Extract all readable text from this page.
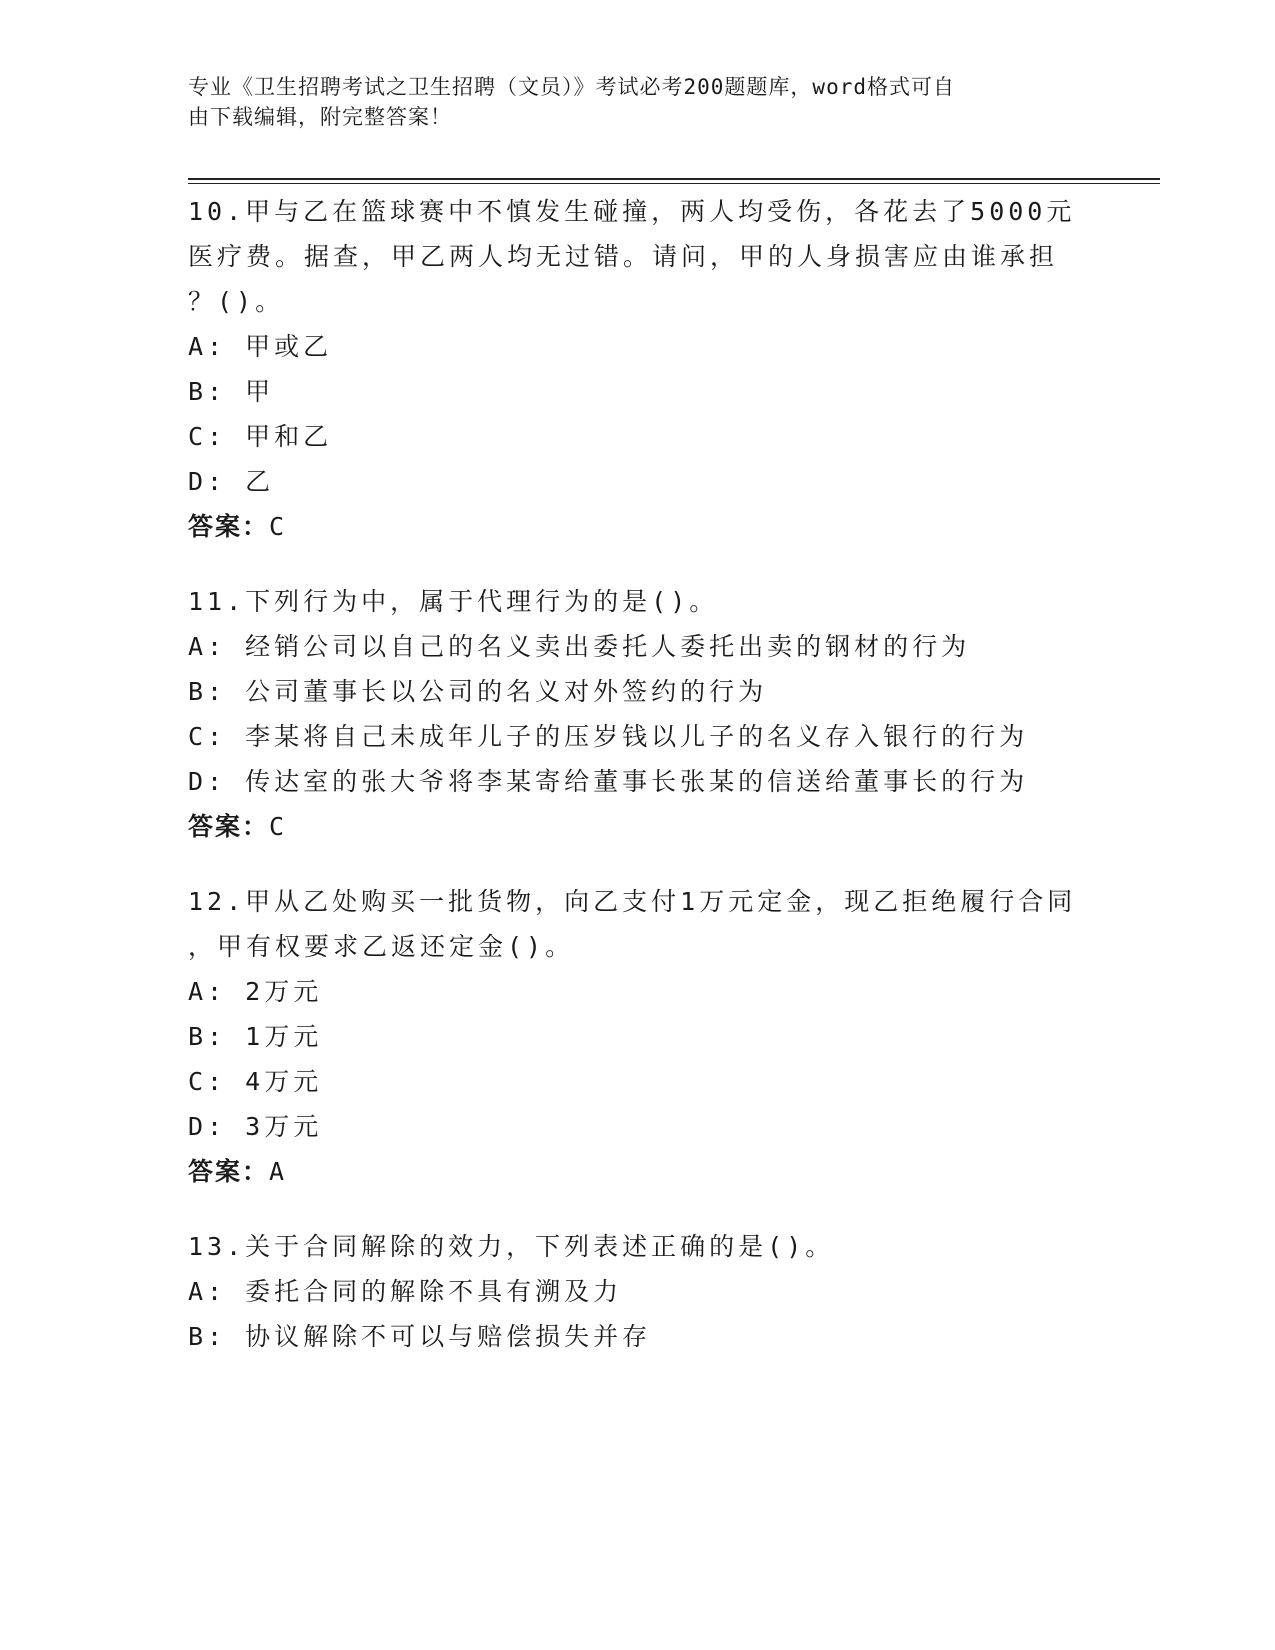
专业《卫生招聘考试之卫生招聘（文员）》考试必考200题题库，word格式可自
由下载编辑，附完整答案！
10.甲与乙在篮球赛中不慎发生碰撞，两人均受伤，各花去了5000元
医疗费。据查，甲乙两人均无过错。请问，甲的人身损害应由谁承担
？()。
A: 甲或乙
B: 甲
C: 甲和乙
D: 乙
答案：C
11.下列行为中，属于代理行为的是()。
A: 经销公司以自己的名义卖出委托人委托出卖的钢材的行为
B: 公司董事长以公司的名义对外签约的行为
C: 李某将自己未成年儿子的压岁钱以儿子的名义存入银行的行为
D: 传达室的张大爷将李某寄给董事长张某的信送给董事长的行为
答案：C
12.甲从乙处购买一批货物，向乙支付1万元定金，现乙拒绝履行合同
，甲有权要求乙返还定金()。
A: 2万元
B: 1万元
C: 4万元
D: 3万元
答案：A
13.关于合同解除的效力，下列表述正确的是()。
A: 委托合同的解除不具有溯及力
B: 协议解除不可以与赔偿损失并存
